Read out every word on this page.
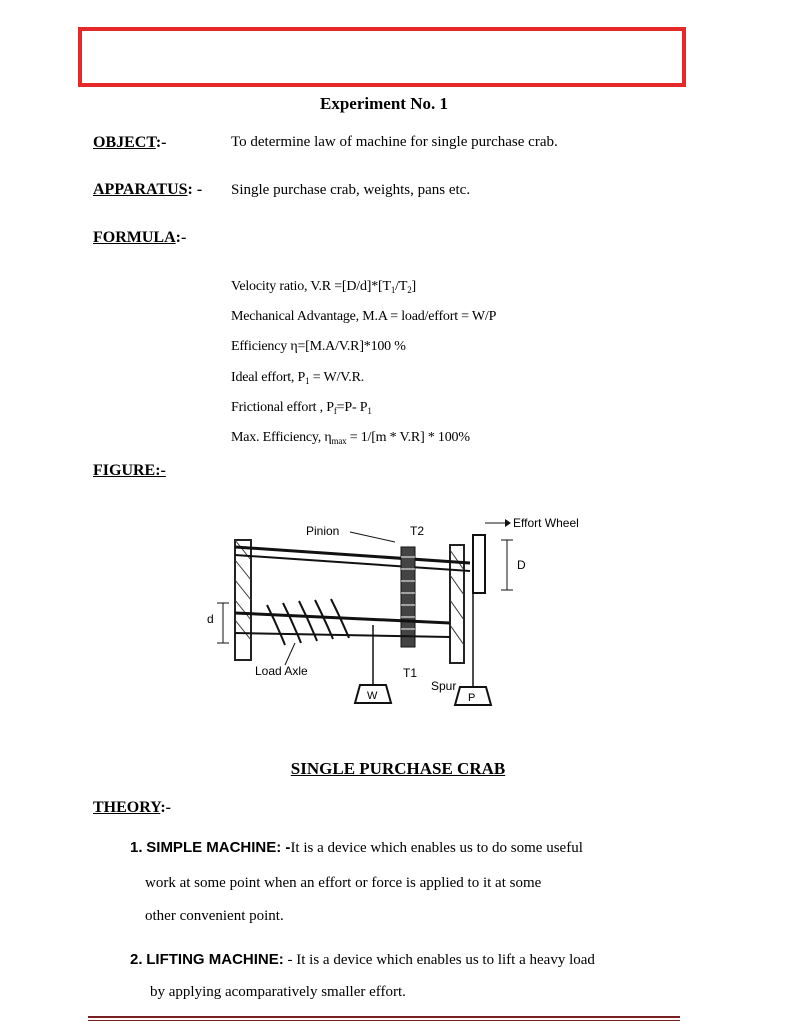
Experiment No. 1
OBJECT:-	To determine law of machine for single purchase crab.
APPARATUS: - Single purchase crab, weights, pans etc.
FORMULA:-
Velocity ratio, $V.R =[D/d]*[T_1/T_2]$
Mechanical Advantage, M.A = load/effort = W/P
Efficiency η=[M.A/V.R]*100 %
Ideal effort, $P_1 = W/V.R$.
Frictional effort , $P_f=P-$ $P_1$
Max. Efficiency, $\eta_{max} = 1/[m * V.R] * 100\%$
FIGURE:-
Pinion	T2
Effort Wheel
D
d
Load Axle	T1
Spur
W	P
SINGLE PURCHASE CRAB
THEORY:-
1. SIMPLE MACHINE: -It is a device which enables us to do some useful
work at some point when an effort or force is applied to it at some
other convenient point.
2. LIFTING MACHINE: - It is a device which enables us to lift a heavy load
by applying acomparatively smaller effort.
